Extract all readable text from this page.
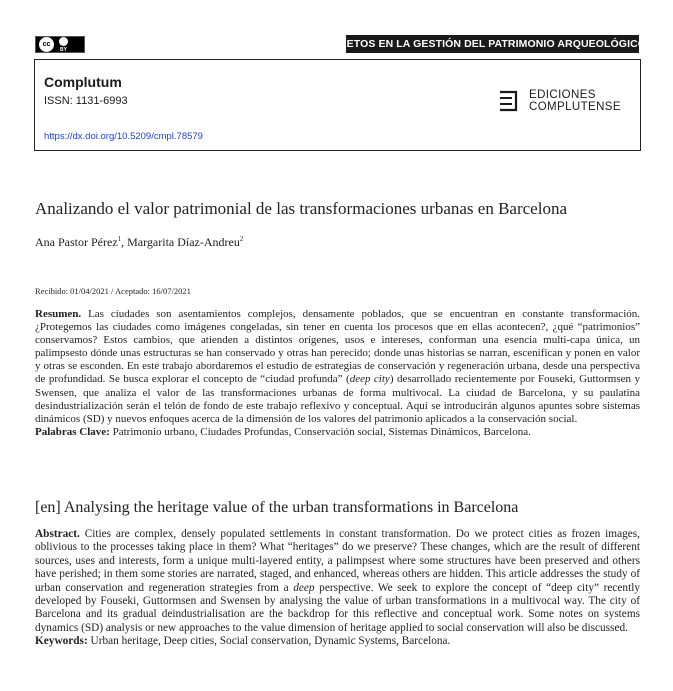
cc
BY	RETOS EN LA GESTIÓN DEL PATRIMONIO ARQUEOLÓGICO
Complutum
ISSN: 1131-6993
https://dx.doi.org/10.5209/cmpl.78579
EDICIONES
COMPLUTENSE
Analizando el valor patrimonial de las transformaciones urbanas en Barcelona
Ana Pastor Pérez$^1$, Margarita Díaz-Andreu$^2$
Recibido: 01/04/2021 / Aceptado: 16/07/2021

Resumen. Las ciudades son asentamientos complejos, densamente poblados, que se encuentran en constante transformación. ¿Protegemos las ciudades como imágenes congeladas, sin tener en cuenta los procesos que en ellas acontecen?, ¿qué “patrimonios” conservamos? Estos cambios, que atienden a distintos orígenes, usos e intereses, conforman una esencia multi-capa única, un palimpsesto dónde unas estructuras se han conservado y otras han perecido; donde unas historias se narran, escenifican y ponen en valor y otras se esconden. En este trabajo abordaremos el estudio de estrategias de conservación y regeneración urbana, desde una perspectiva de profundidad. Se busca explorar el concepto de “ciudad profunda” (deep city) desarrollado recientemente por Fouseki, Guttormsen y Swensen, que analiza el valor de las transformaciones urbanas de forma multivocal. La ciudad de Barcelona, y su paulatina desindustrialización serán el telón de fondo de este trabajo reflexivo y conceptual. Aquí se introducirán algunos apuntes sobre sistemas dinámicos (SD) y nuevos enfoques acerca de la dimensión de los valores del patrimonio aplicados a la conservación social.

Palabras Clave: Patrimonio urbano, Ciudades Profundas, Conservación social, Sistemas Dinámicos, Barcelona.

[en] Analysing the heritage value of the urban transformations in Barcelona

Abstract. Cities are complex, densely populated settlements in constant transformation. Do we protect cities as frozen images, oblivious to the processes taking place in them? What “heritages” do we preserve? These changes, which are the result of different sources, uses and interests, form a unique multi-layered entity, a palimpsest where some structures have been preserved and others have perished; in them some stories are narrated, staged, and enhanced, whereas others are hidden. This article addresses the study of urban conservation and regeneration strategies from a deep perspective. We seek to explore the concept of “deep city” recently developed by Fouseki, Guttormsen and Swensen by analysing the value of urban transformations in a multivocal way. The city of Barcelona and its gradual deindustrialisation are the backdrop for this reflective and conceptual work. Some notes on systems dynamics (SD) analysis or new approaches to the value dimension of heritage applied to social conservation will also be discussed.

Keywords: Urban heritage, Deep cities, Social conservation, Dynamic Systems, Barcelona.
